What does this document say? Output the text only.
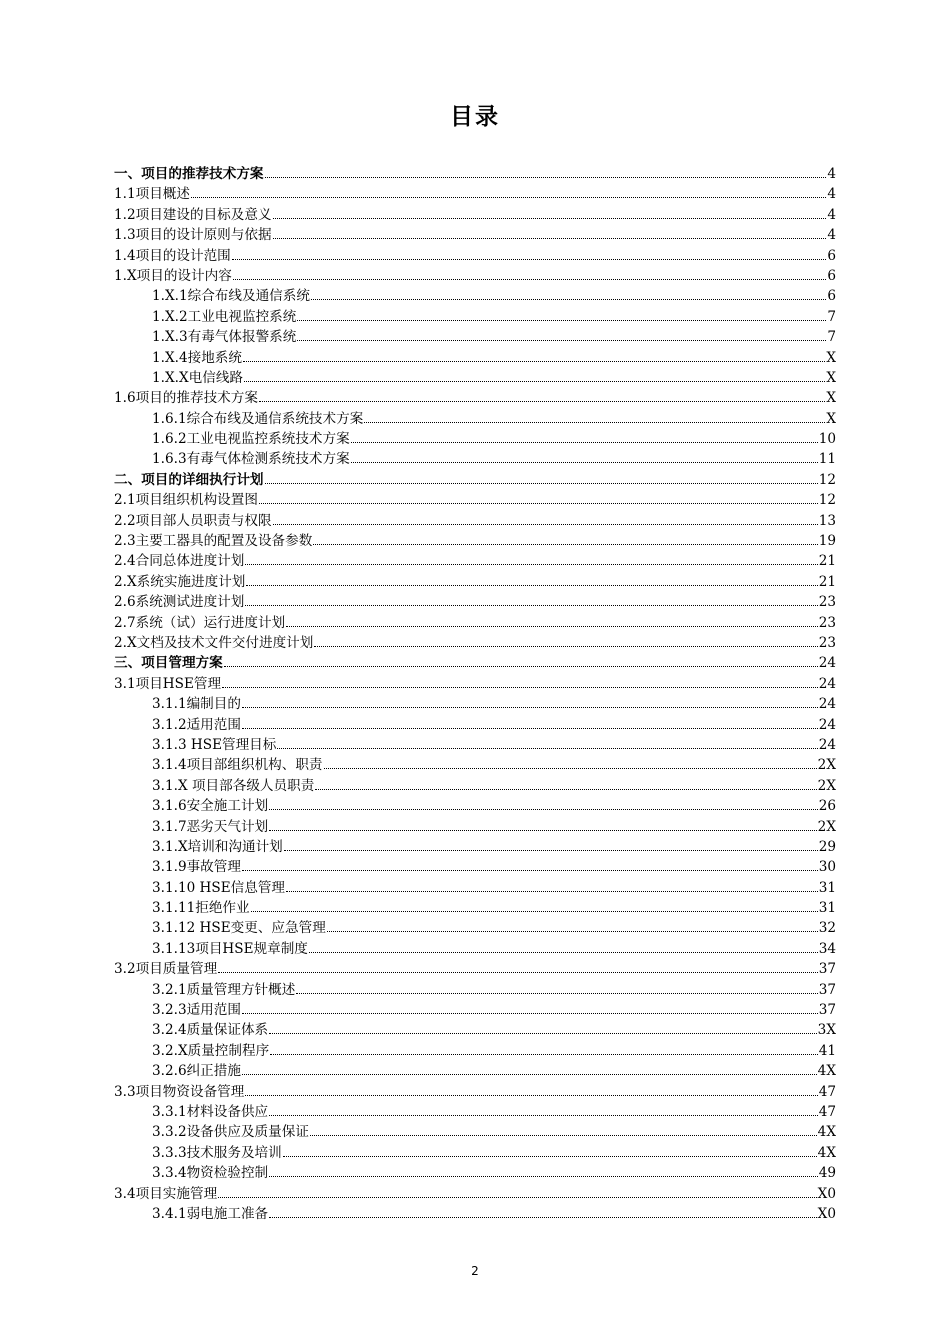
目录
一、项目的推荐技术方案	4
1.1项目概述	4
1.2项目建设的目标及意义	4
1.3项目的设计原则与依据	4
1.4项目的设计范围	6
1.X项目的设计内容	6
1.X.1综合布线及通信系统	6
1.X.2工业电视监控系统	7
1.X.3有毒气体报警系统	7
1.X.4接地系统	X
1.X.X电信线路	X
1.6项目的推荐技术方案	X
1.6.1综合布线及通信系统技术方案	X
1.6.2工业电视监控系统技术方案	10
1.6.3有毒气体检测系统技术方案	11
二、项目的详细执行计划	12
2.1项目组织机构设置图	12
2.2项目部人员职责与权限	13
2.3主要工器具的配置及设备参数	19
2.4合同总体进度计划	21
2.X系统实施进度计划	21
2.6系统测试进度计划	23
2.7系统（试）运行进度计划	23
2.X文档及技术文件交付进度计划	23
三、项目管理方案	24
3.1项目HSE管理	24
3.1.1编制目的	24
3.1.2适用范围	24
3.1.3 HSE管理目标	24
3.1.4项目部组织机构、职责	2X
3.1.X 项目部各级人员职责	2X
3.1.6安全施工计划	26
3.1.7恶劣天气计划	2X
3.1.X培训和沟通计划	29
3.1.9事故管理	30
3.1.10 HSE信息管理	31
3.1.11拒绝作业	31
3.1.12 HSE变更、应急管理	32
3.1.13项目HSE规章制度	34
3.2项目质量管理	37
3.2.1质量管理方针概述	37
3.2.3适用范围	37
3.2.4质量保证体系	3X
3.2.X质量控制程序	41
3.2.6纠正措施	4X
3.3项目物资设备管理	47
3.3.1材料设备供应	47
3.3.2设备供应及质量保证	4X
3.3.3技术服务及培训	4X
3.3.4物资检验控制	49
3.4项目实施管理	X0
3.4.1弱电施工准备	X0
2
